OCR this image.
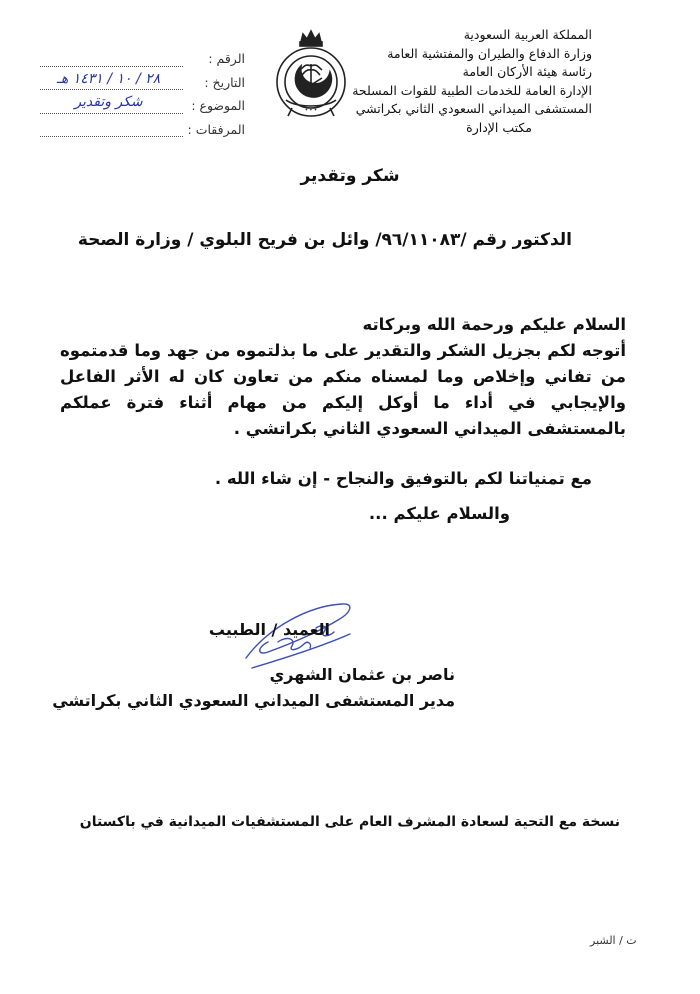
المملكة العربية السعودية
وزارة الدفاع والطيران والمفتشية العامة
رئاسة هيئة الأركان العامة
الإدارة العامة للخدمات الطبية للقوات المسلحة
المستشفى الميداني السعودي الثاني بكراتشي
مكتب الإدارة
✦ ✦ ✦
الرقم :
التاريخ :
٢٨ / ١٠ / ١٤٣١ هـ
الموضوع :
شكر وتقدير
المرفقات :
شكر وتقدير
الدكتور رقم /٩٦/١١٠٨٣/ وائل بن فريح البلوي / وزارة الصحة

السلام عليكم ورحمة الله وبركاته

أتوجه لكم بجزيل الشكر والتقدير على ما بذلتموه من جهد وما قدمتموه من تفاني وإخلاص وما لمسناه منكم من تعاون كان له الأثر الفاعل والإيجابي في أداء ما أوكل إليكم من مهام أثناء فترة عملكم بالمستشفى الميداني السعودي الثاني بكراتشي .

مع تمنياتنا لكم بالتوفيق والنجاح - إن شاء الله .
والسلام عليكم ...
العميد / الطبيب
ناصر بن عثمان الشهري
مدير المستشفى الميداني السعودي الثاني بكراتشي
نسخة مع التحية لسعادة المشرف العام على المستشفيات الميدانية في باكستان
ت / الشبر
